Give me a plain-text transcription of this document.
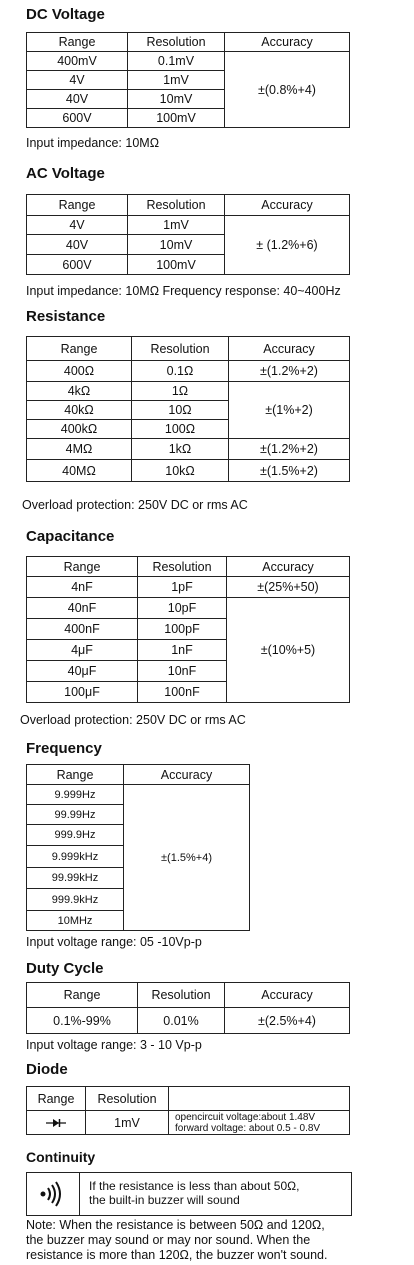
DC Voltage
Range	Resolution	Accuracy
400mV	0.1mV	±(0.8%+4)
4V	1mV	
40V	10mV	
600V	100mV	
Input impedance: 10MΩ
AC Voltage
Range	Resolution	Accuracy
4V	1mV	± (1.2%+6)
40V	10mV	
600V	100mV	
Input impedance: 10MΩ Frequency response: 40~400Hz
Resistance
Range	Resolution	Accuracy
400Ω	0.1Ω	±(1.2%+2)
4kΩ	1Ω	±(1%+2)
40kΩ	10Ω	
400kΩ	100Ω	
4MΩ	1kΩ	±(1.2%+2)
40MΩ	10kΩ	±(1.5%+2)
Overload protection: 250V DC or rms AC
Capacitance
Range	Resolution	Accuracy
4nF	1pF	±(25%+50)
40nF	10pF	±(10%+5)
400nF	100pF	
4μF	1nF	
40μF	10nF	
100μF	100nF	
Overload protection: 250V DC or rms AC
Frequency
Range	Accuracy
9.999Hz	±(1.5%+4)
99.99Hz	
999.9Hz	
9.999kHz	
99.99kHz	
999.9kHz	
10MHz	
Input voltage range: 05 -10Vp-p
Duty Cycle
Range	Resolution	Accuracy
0.1%-99%	0.01%	±(2.5%+4)
Input voltage range: 3 - 10 Vp-p
Diode
Range	Resolution	

	1mV	opencircuit voltage:about 1.48V
forward voltage: about 0.5 - 0.8V
Continuity
If the resistance is less than about 50Ω,
the built-in buzzer will sound
Note: When the resistance is between 50Ω and 120Ω,
the buzzer may sound or may nor sound. When the
resistance is more than 120Ω, the buzzer won't sound.
